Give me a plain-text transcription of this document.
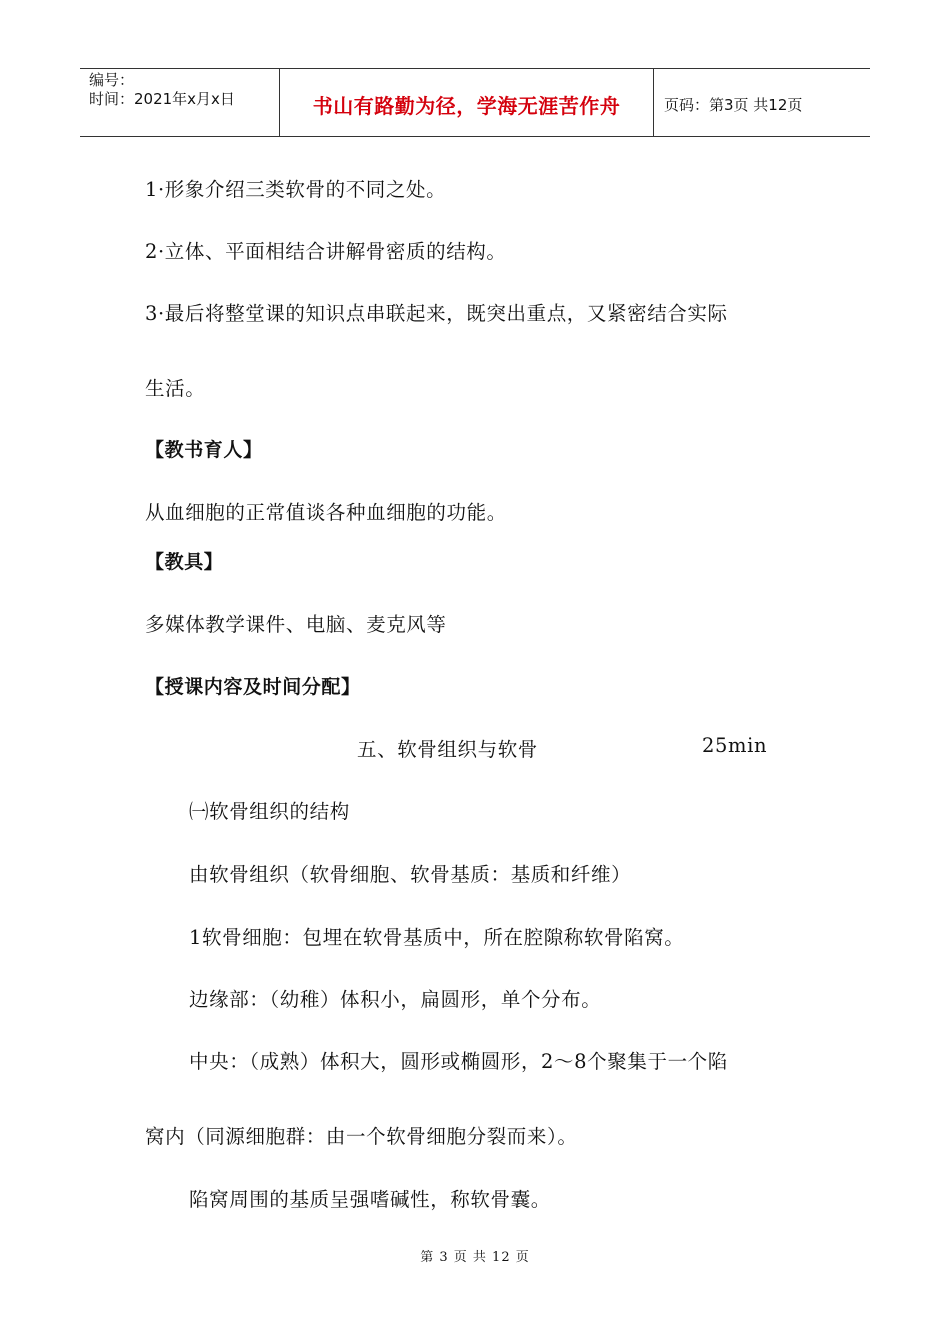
编号：
时间：2021年x月x日	书山有路勤为径，学海无涯苦作舟	页码：第3页 共12页
1·形象介绍三类软骨的不同之处。
2·立体、平面相结合讲解骨密质的结构。
3·最后将整堂课的知识点串联起来，既突出重点，又紧密结合实际
生活。
【教书育人】
从血细胞的正常值谈各种血细胞的功能。
【教具】
多媒体教学课件、电脑、麦克风等
【授课内容及时间分配】
五、软骨组织与软骨	25min
㈠软骨组织的结构
由软骨组织（软骨细胞、软骨基质：基质和纤维）
1软骨细胞：包埋在软骨基质中，所在腔隙称软骨陷窝。
边缘部：（幼稚）体积小，扁圆形，单个分布。
中央：（成熟）体积大，圆形或椭圆形，2～8个聚集于一个陷
窝内（同源细胞群：由一个软骨细胞分裂而来）。
陷窝周围的基质呈强嗜碱性，称软骨囊。
第 3 页 共 12 页
